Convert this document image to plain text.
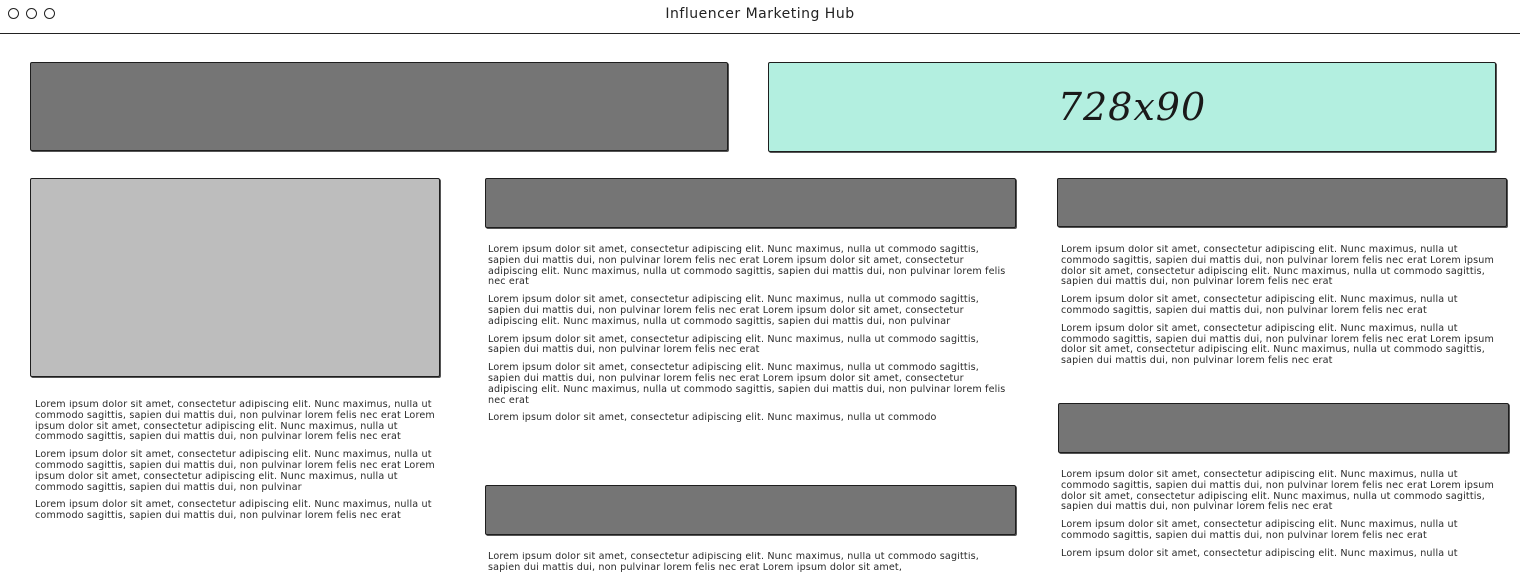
Influencer Marketing Hub
728x90

Lorem ipsum dolor sit amet, consectetur adipiscing elit. Nunc maximus, nulla ut commodo sagittis, sapien dui mattis dui, non pulvinar lorem felis nec erat Lorem ipsum dolor sit amet, consectetur adipiscing elit. Nunc maximus, nulla ut commodo sagittis, sapien dui mattis dui, non pulvinar lorem felis nec erat

Lorem ipsum dolor sit amet, consectetur adipiscing elit. Nunc maximus, nulla ut commodo sagittis, sapien dui mattis dui, non pulvinar lorem felis nec erat Lorem ipsum dolor sit amet, consectetur adipiscing elit. Nunc maximus, nulla ut commodo sagittis, sapien dui mattis dui, non pulvinar

Lorem ipsum dolor sit amet, consectetur adipiscing elit. Nunc maximus, nulla ut commodo sagittis, sapien dui mattis dui, non pulvinar lorem felis nec erat

Lorem ipsum dolor sit amet, consectetur adipiscing elit. Nunc maximus, nulla ut commodo sagittis, sapien dui mattis dui, non pulvinar lorem felis nec erat Lorem ipsum dolor sit amet, consectetur adipiscing elit. Nunc maximus, nulla ut commodo sagittis, sapien dui mattis dui, non pulvinar lorem felis nec erat

Lorem ipsum dolor sit amet, consectetur adipiscing elit. Nunc maximus, nulla ut commodo sagittis, sapien dui mattis dui, non pulvinar lorem felis nec erat Lorem ipsum dolor sit amet, consectetur adipiscing elit. Nunc maximus, nulla ut commodo sagittis, sapien dui mattis dui, non pulvinar

Lorem ipsum dolor sit amet, consectetur adipiscing elit. Nunc maximus, nulla ut commodo sagittis, sapien dui mattis dui, non pulvinar lorem felis nec erat

Lorem ipsum dolor sit amet, consectetur adipiscing elit. Nunc maximus, nulla ut commodo sagittis, sapien dui mattis dui, non pulvinar lorem felis nec erat Lorem ipsum dolor sit amet, consectetur adipiscing elit. Nunc maximus, nulla ut commodo sagittis, sapien dui mattis dui, non pulvinar lorem felis nec erat

Lorem ipsum dolor sit amet, consectetur adipiscing elit. Nunc maximus, nulla ut commodo

Lorem ipsum dolor sit amet, consectetur adipiscing elit. Nunc maximus, nulla ut commodo sagittis, sapien dui mattis dui, non pulvinar lorem felis nec erat Lorem ipsum dolor sit amet,

Lorem ipsum dolor sit amet, consectetur adipiscing elit. Nunc maximus, nulla ut commodo sagittis, sapien dui mattis dui, non pulvinar lorem felis nec erat Lorem ipsum dolor sit amet, consectetur adipiscing elit. Nunc maximus, nulla ut commodo sagittis, sapien dui mattis dui, non pulvinar lorem felis nec erat

Lorem ipsum dolor sit amet, consectetur adipiscing elit. Nunc maximus, nulla ut commodo sagittis, sapien dui mattis dui, non pulvinar lorem felis nec erat

Lorem ipsum dolor sit amet, consectetur adipiscing elit. Nunc maximus, nulla ut commodo sagittis, sapien dui mattis dui, non pulvinar lorem felis nec erat Lorem ipsum dolor sit amet, consectetur adipiscing elit. Nunc maximus, nulla ut commodo sagittis, sapien dui mattis dui, non pulvinar lorem felis nec erat

Lorem ipsum dolor sit amet, consectetur adipiscing elit. Nunc maximus, nulla ut commodo sagittis, sapien dui mattis dui, non pulvinar lorem felis nec erat Lorem ipsum dolor sit amet, consectetur adipiscing elit. Nunc maximus, nulla ut commodo sagittis, sapien dui mattis dui, non pulvinar lorem felis nec erat

Lorem ipsum dolor sit amet, consectetur adipiscing elit. Nunc maximus, nulla ut commodo sagittis, sapien dui mattis dui, non pulvinar lorem felis nec erat

Lorem ipsum dolor sit amet, consectetur adipiscing elit. Nunc maximus, nulla ut
